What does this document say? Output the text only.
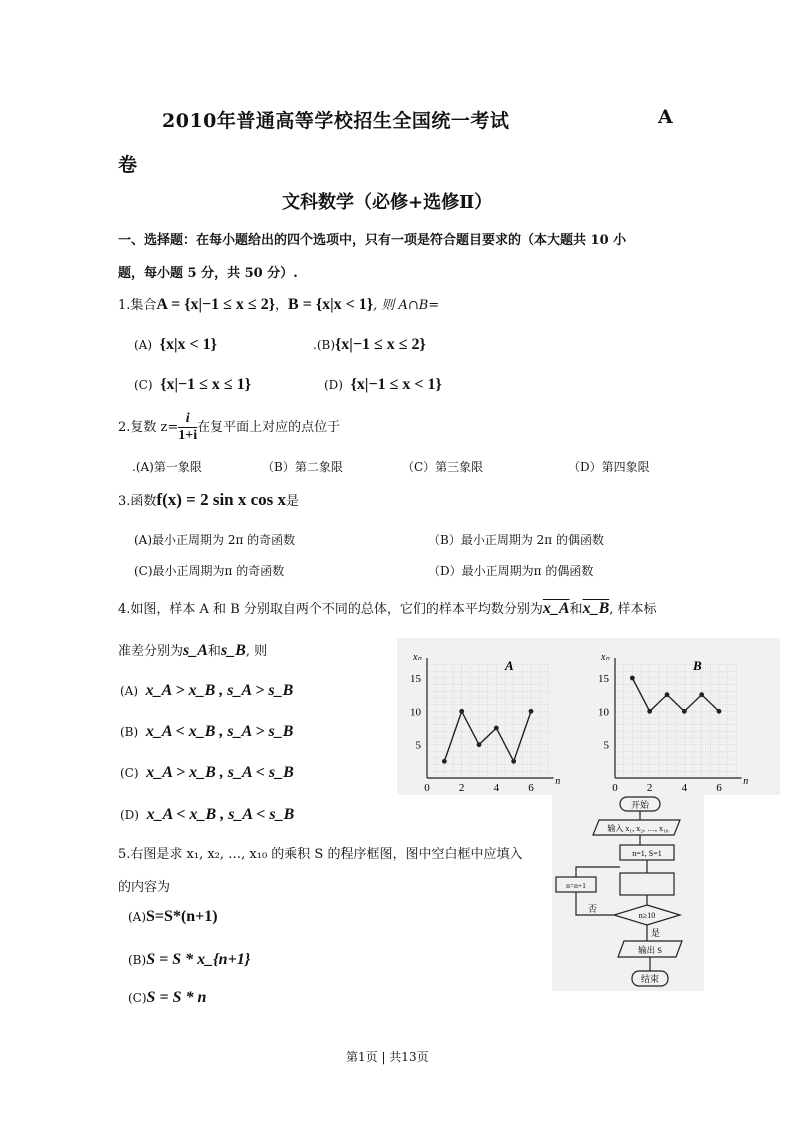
2010年普通高等学校招生全国统一考试	A
卷
文科数学（必修+选修Ⅱ）
一、选择题：在每小题给出的四个选项中，只有一项是符合题目要求的（本大题共 10 小
题，每小题 5 分，共 50 分）.
1.集合A = {x|−1 ≤ x ≤ 2}，B = {x|x < 1}, 则 A∩B=
(A) {x|x < 1}	.(B){x|−1 ≤ x ≤ 2}
(C) {x|−1 ≤ x ≤ 1}	(D) {x|−1 ≤ x < 1}
2.复数 $z= \frac{i}{1+i}$ 在复平面上对应的点位于
.(A)第一象限	（B）第二象限	（C）第三象限	（D）第四象限
3.函数f(x) = 2 sin x cos x是
(A)最小正周期为 2π 的奇函数	（B）最小正周期为 2π 的偶函数
(C)最小正周期为π 的奇函数	（D）最小正周期为π 的偶函数
4.如图，样本 A 和 B 分别取自两个不同的总体，它们的样本平均数分别为x_A和x_B, 样本标
准差分别为s_A和s_B, 则
(A) x_A > x_B , s_A > s_B
(B) x_A < x_B , s_A > s_B
(C) x_A > x_B , s_A < s_B
(D) x_A < x_B , s_A < s_B
0	2	4	6
5
10
15
xₙ
n
A
0	2	4	6
5
10
15
xₙ
n
B
5.右图是求 x₁, x₂, …, x₁₀ 的乘积 S 的程序框图，图中空白框中应填入
的内容为
(A)S=S*(n+1)
(B)S = S * x_{n+1}
(C)S = S * n
开始
输入 x₁, x₂, …, x₁₀
n=1, S=1
n=n+1
n≥10
否
是
输出 S
结束
第1页 | 共13页
